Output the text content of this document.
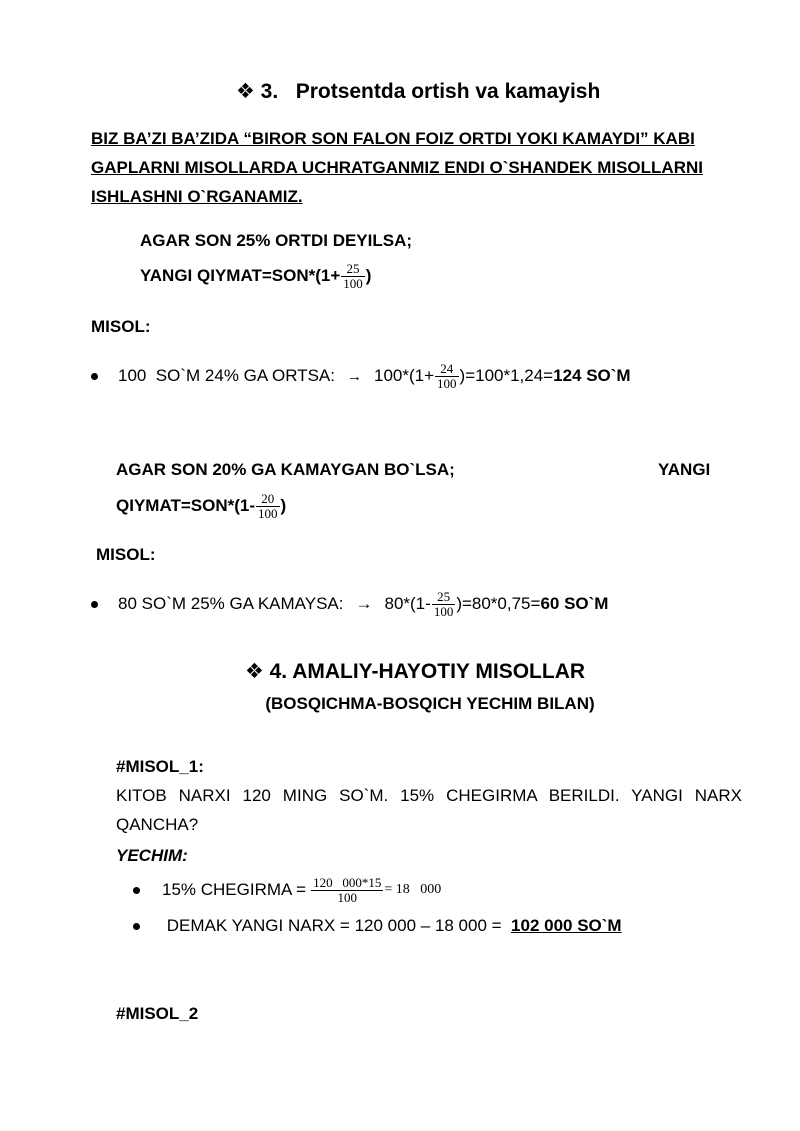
❖ 3.   Protsentda ortish va kamayish
BIZ BA’ZI BA’ZIDA “BIROR SON FALON FOIZ ORTDI YOKI KAMAYDI” KABI
GAPLARNI MISOLLARDA UCHRATGANMIZ ENDI O`SHANDEK MISOLLARNI
ISHLASHNI O`RGANAMIZ.
AGAR SON 25% ORTDI DEYILSA;
YANGI QIYMAT=SON*(1+ $\frac{25}{100}$ )
MISOL:
100  SO`M 24% GA ORTSA: → $100*(1+ \frac{24}{100} )=100*1,24= 124$ SO`M
AGAR SON 20% GA KAMAYGAN BO`LSA;	YANGI
QIYMAT=SON*(1- $\frac{20}{100}$ )
MISOL:
80 SO`M 25% GA KAMAYSA: → $80*(1- \frac{25}{100} )=80*0,75= 60$ SO`M
❖ 4. AMALIY-HAYOTIY MISOLLAR
(BOSQICHMA-BOSQICH YECHIM BILAN)
#MISOL_1:
KITOB NARXI 120 MING SO`M. 15% CHEGIRMA BERILDI. YANGI NARX
QANCHA?
YECHIM:
15% CHEGIRMA = $\frac{120 000*15}{100} = 18$   000
DEMAK YANGI NARX = 120 000 – 18 000 =  102 000 SO`M
#MISOL_2
